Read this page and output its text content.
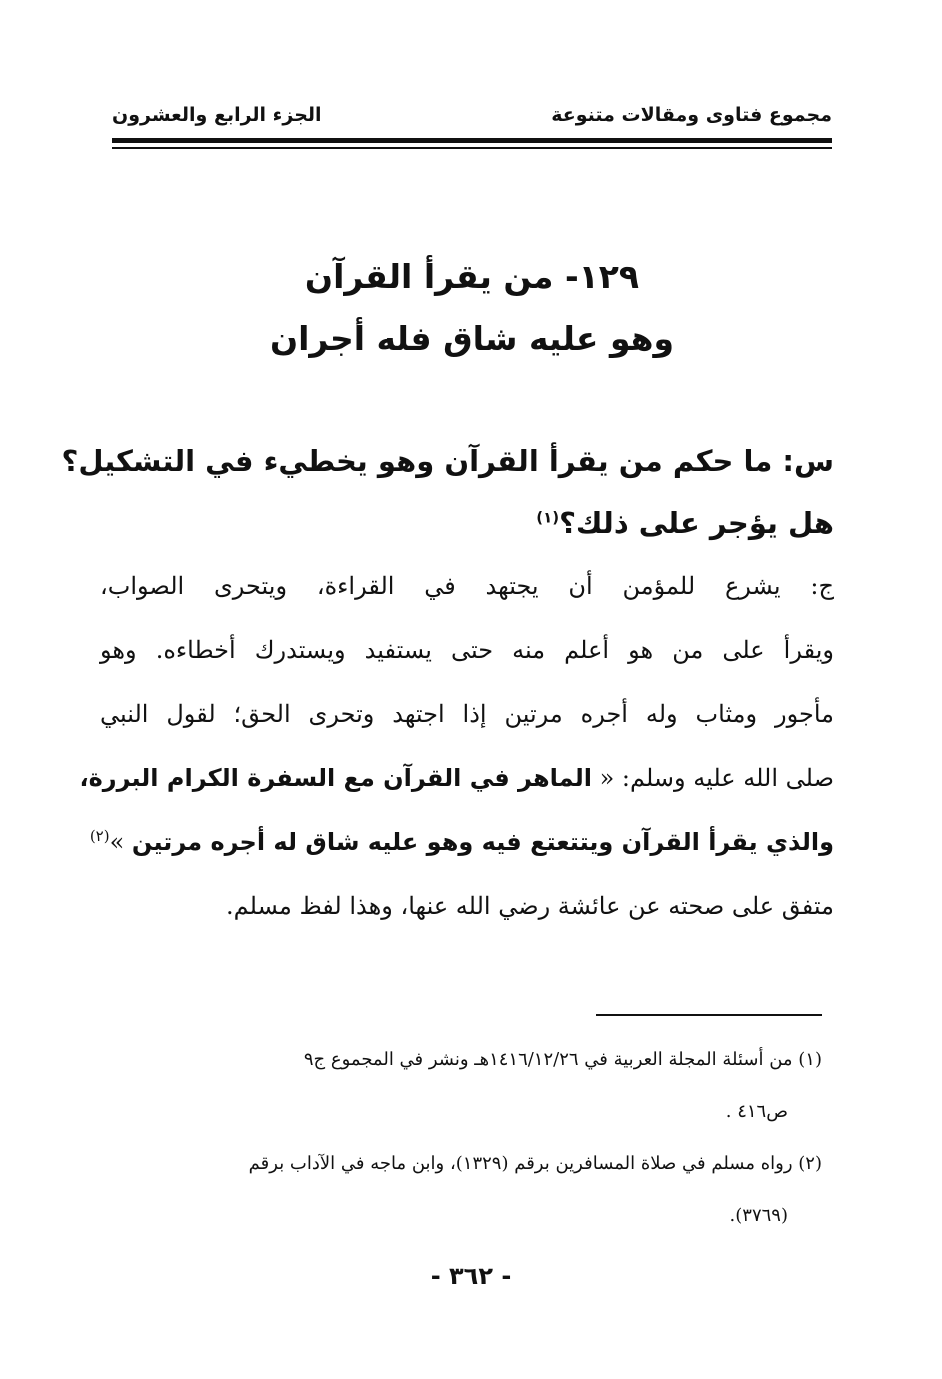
مجموع فتاوى ومقالات متنوعة
الجزء الرابع والعشرون
١٢٩- من يقرأ القرآن
وهو عليه شاق فله أجران
س: ما حكم من يقرأ القرآن وهو يخطيء في التشكيل؟
هل يؤجر على ذلك؟$^{(١)}$
ج: يشرع للمؤمن أن يجتهد في القراءة، ويتحرى الصواب،
ويقرأ على من هو أعلم منه حتى يستفيد ويستدرك أخطاءه. وهو
مأجور ومثاب وله أجره مرتين إذا اجتهد وتحرى الحق؛ لقول النبي
صلى الله عليه وسلم: « الماهر في القرآن مع السفرة الكرام البررة،
والذي يقرأ القرآن ويتتعتع فيه وهو عليه شاق له أجره مرتين »$^{(٢)}$
متفق على صحته عن عائشة رضي الله عنها، وهذا لفظ مسلم.
(١) من أسئلة المجلة العربية في ١٤١٦/١٢/٢٦هـ ونشر في المجموع ج٩
ص٤١٦ .
(٢) رواه مسلم في صلاة المسافرين برقم (١٣٢٩)، وابن ماجه في الآداب برقم
(٣٧٦٩).
- ٣٦٢ -
